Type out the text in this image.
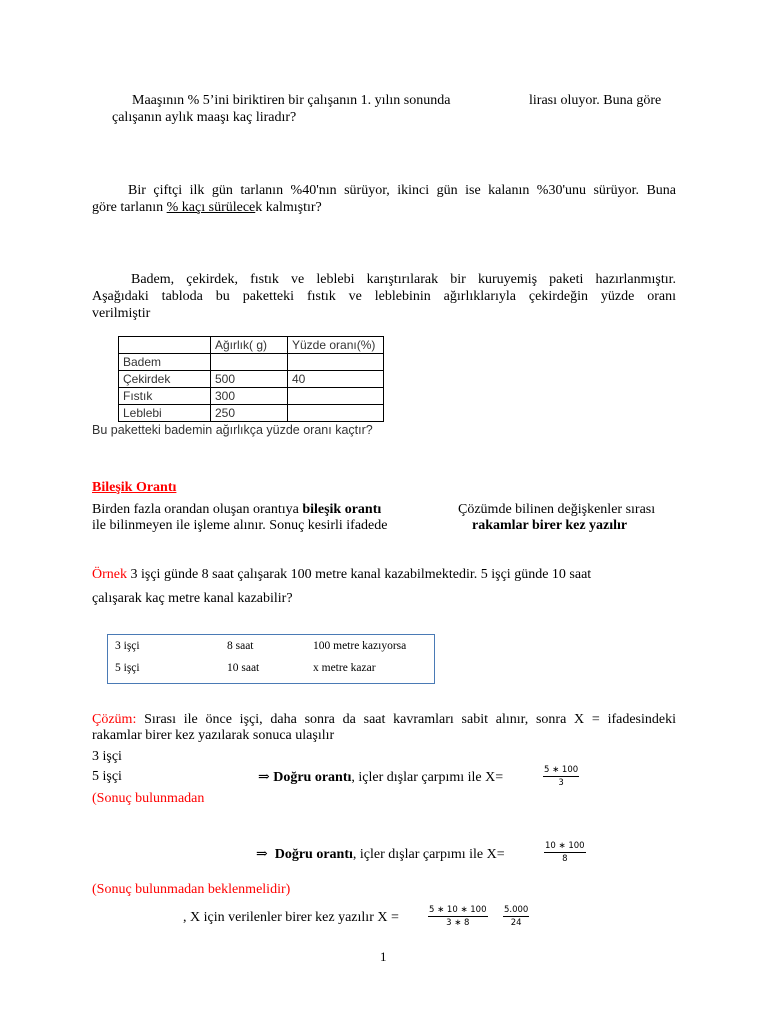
Maaşının % 5’ini biriktiren bir çalışanın 1. yılın sonunda	lirası oluyor. Buna göre
çalışanın aylık maaşı kaç liradır?
Bir çiftçi ilk gün tarlanın %40'nın sürüyor, ikinci gün ise kalanın %30'unu sürüyor. Buna
göre tarlanın % kaçı sürülecek kalmıştır?
Badem, çekirdek, fıstık ve leblebi karıştırılarak bir kuruyemiş paketi hazırlanmıştır.
Aşağıdaki tabloda bu paketteki fıstık ve leblebinin ağırlıklarıyla çekirdeğin yüzde oranı
verilmiştir
	Ağırlık( g)	Yüzde oranı(%)
Badem		
Çekirdek	500	40
Fıstık	300	
Leblebi	250	
Bu paketteki bademin ağırlıkça yüzde oranı kaçtır?
Bileşik Orantı
Birden fazla orandan oluşan orantıya bileşik orantı	Çözümde bilinen değişkenler sırası
ile bilinmeyen ile işleme alınır. Sonuç kesirli ifadede	rakamlar birer kez yazılır
Örnek 3 işçi günde 8 saat çalışarak 100 metre kanal kazabilmektedir. 5 işçi günde 10 saat
çalışarak kaç metre kanal kazabilir?
3 işçi	8 saat	100 metre kazıyorsa
5 işçi	10 saat	x metre kazar
Çözüm: Sırası ile önce işçi, daha sonra da saat kavramları sabit alınır, sonra X = ifadesindeki
rakamlar birer kez yazılarak sonuca ulaşılır
3 işçi
5 işçi	⇒ Doğru orantı, içler dışlar çarpımı ile X=	$\frac{5 ∗ 100}{3}$
(Sonuç bulunmadan
⇒ Doğru orantı, içler dışlar çarpımı ile X=	$\frac{10 ∗ 100}{8}$
(Sonuç bulunmadan beklenmelidir)
, X için verilenler birer kez yazılır X =	$\frac{5 ∗ 10 ∗ 100}{3 ∗ 8} \frac{5.000}{24}$
1
